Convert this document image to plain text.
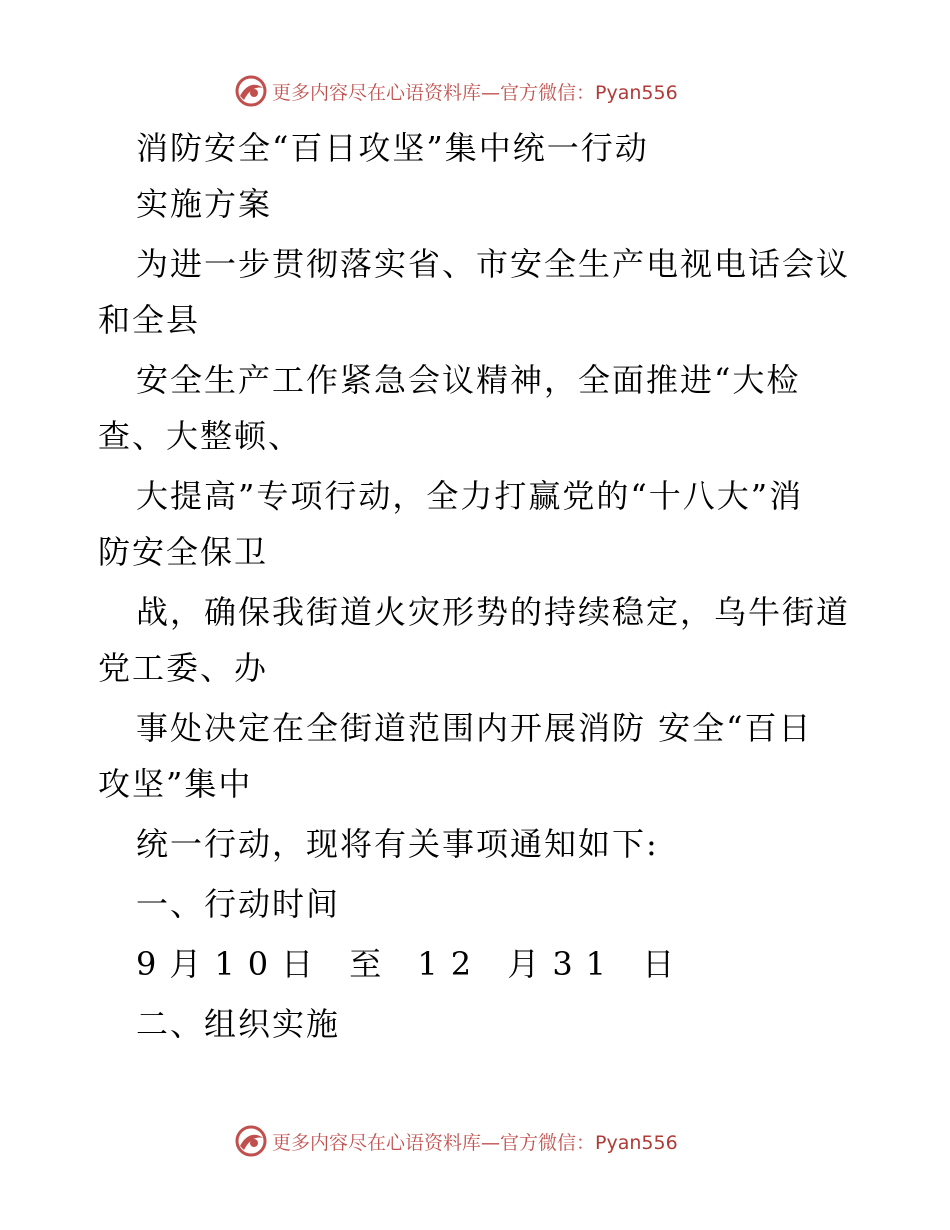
更多内容尽在心语资料库—官方微信：Pyan556
消防安全“百日攻坚”集中统一行动
实施方案
为进一步贯彻落实省、市安全生产电视电话会议
和全县
安全生产工作紧急会议精神，全面推进“大检
查、大整顿、
大提高”专项行动，全力打赢党的“十八大”消
防安全保卫
战，确保我街道火灾形势的持续稳定，乌牛街道
党工委、办
事处决定在全街道范围内开展消防 安全“百日
攻坚”集中
统一行动，现将有关事项通知如下:
一、行动时间
9月10日 至 12 月31 日
二、组织实施
更多内容尽在心语资料库—官方微信：Pyan556
